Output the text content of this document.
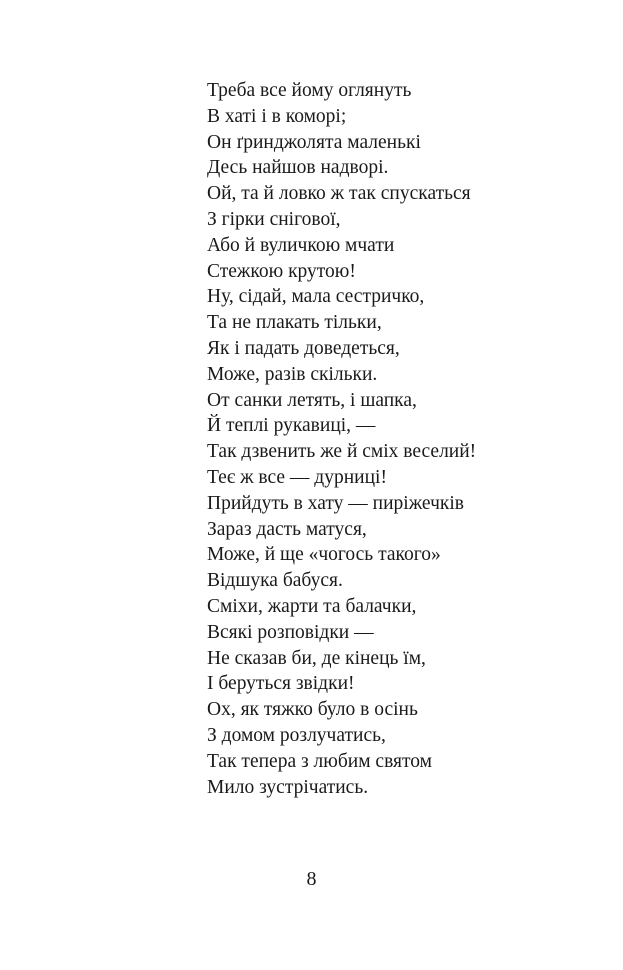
Треба все йому оглянуть
В хаті і в коморі;
Он ґринджолята маленькі
Десь найшов надворі.
Ой, та й ловко ж так спускаться
З гірки снігової,
Або й вуличкою мчати
Стежкою крутою!
Ну, сідай, мала сестричко,
Та не плакать тільки,
Як і падать доведеться,
Може, разів скільки.
От санки летять, і шапка,
Й теплі рукавиці, —
Так дзвенить же й сміх веселий!
Теє ж все — дурниці!
Прийдуть в хату — пиріжечків
Зараз дасть матуся,
Може, й ще «чогось такого»
Відшука бабуся.
Сміхи, жарти та балачки,
Всякі розповідки —
Не сказав би, де кінець їм,
І беруться звідки!
Ох, як тяжко було в осінь
З домом розлучатись,
Так тепера з любим святом
Мило зустрічатись.
8
